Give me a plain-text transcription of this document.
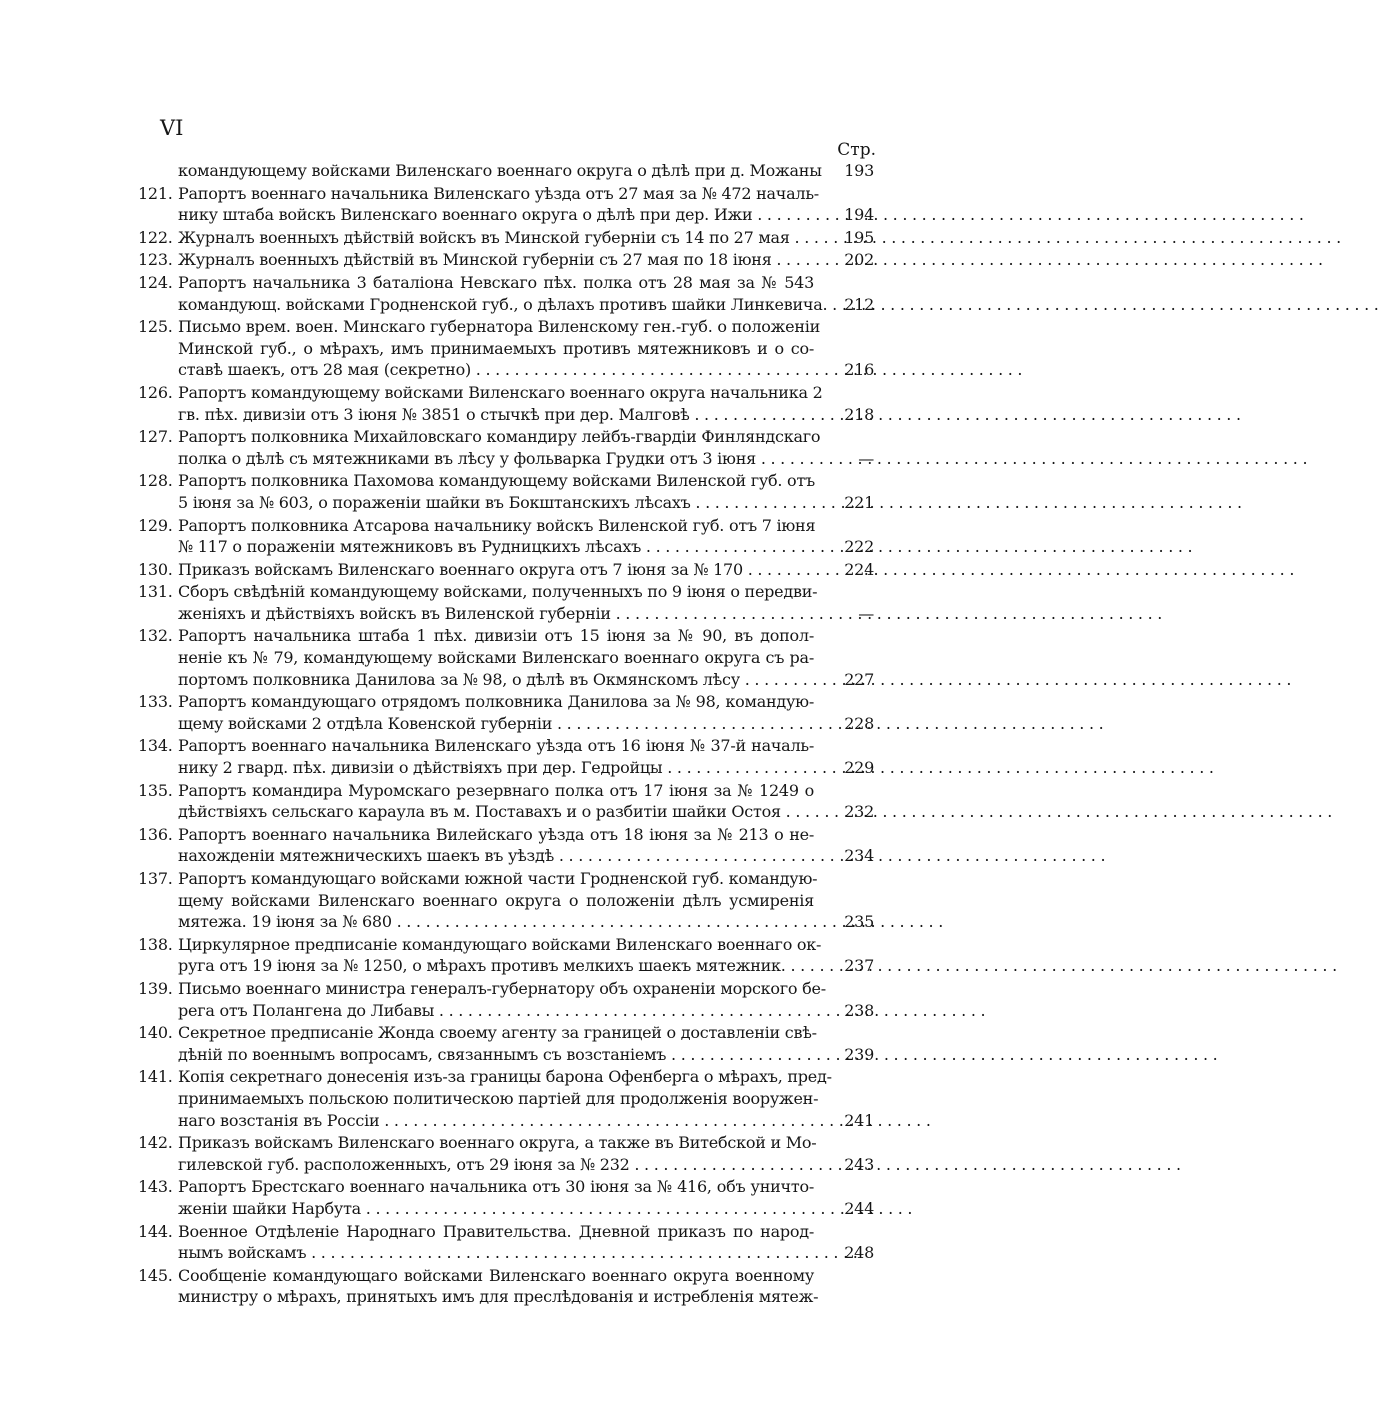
VI
Стр.
командующему войсками Виленскаго военнаго округа о дѣлѣ при д. Можаны	193
121. Рапортъ военнаго начальника Виленскаго уѣзда отъ 27 мая за № 472 началь-
нику штаба войскъ Виленскаго военнаго округа о дѣлѣ при дер. Ижи . . .	194
122. Журналъ военныхъ дѣйствій войскъ въ Минской губерніи съ 14 по 27 мая . . .	195
123. Журналъ военныхъ дѣйствій въ Минской губерніи съ 27 мая по 18 іюня . . .	202
124. Рапортъ начальника 3 баталіона Невскаго пѣх. полка отъ 28 мая за № 543
командующ. войсками Гродненской губ., о дѣлахъ противъ шайки Линкевича. . . .	212
125. Письмо врем. воен. Минскаго губернатора Виленскому ген.-губ. о положеніи
Минской губ., о мѣрахъ, имъ принимаемыхъ противъ мятежниковъ и о со-
ставѣ шаекъ, отъ 28 мая (секретно) . . .	216
126. Рапортъ командующему войсками Виленскаго военнаго округа начальника 2
гв. пѣх. дивизіи отъ 3 іюня № 3851 о стычкѣ при дер. Малговѣ . . .	218
127. Рапортъ полковника Михайловскаго командиру лейбъ-гвардіи Финляндскаго
полка о дѣлѣ съ мятежниками въ лѣсу у фольварка Грудки отъ 3 іюня . . .	—
128. Рапортъ полковника Пахомова командующему войсками Виленской губ. отъ
5 іюня за № 603, о пораженіи шайки въ Бокштанскихъ лѣсахъ . . .	221
129. Рапортъ полковника Атсарова начальнику войскъ Виленской губ. отъ 7 іюня
№ 117 о пораженіи мятежниковъ въ Рудницкихъ лѣсахъ . . .	222
130. Приказъ войскамъ Виленскаго военнаго округа отъ 7 іюня за № 170 . . .	224
131. Сборъ свѣдѣній командующему войсками, полученныхъ по 9 іюня о передви-
женіяхъ и дѣйствіяхъ войскъ въ Виленской губерніи . . .	—
132. Рапортъ начальника штаба 1 пѣх. дивизіи отъ 15 іюня за № 90, въ допол-
неніе къ № 79, командующему войсками Виленскаго военнаго округа съ ра-
портомъ полковника Данилова за № 98, о дѣлѣ въ Окмянскомъ лѣсу . . .	227
133. Рапортъ командующаго отрядомъ полковника Данилова за № 98, командую-
щему войсками 2 отдѣла Ковенской губерніи . . .	228
134. Рапортъ военнаго начальника Виленскаго уѣзда отъ 16 іюня № 37-й началь-
нику 2 гвард. пѣх. дивизіи о дѣйствіяхъ при дер. Гедройцы . . .	229
135. Рапортъ командира Муромскаго резервнаго полка отъ 17 іюня за № 1249 о
дѣйствіяхъ сельскаго караула въ м. Поставахъ и о разбитіи шайки Остоя . . .	232
136. Рапортъ военнаго начальника Вилейскаго уѣзда отъ 18 іюня за № 213 о не-
нахожденіи мятежническихъ шаекъ въ уѣздѣ . . .	234
137. Рапортъ командующаго войсками южной части Гродненской губ. командую-
щему войсками Виленскаго военнаго округа о положеніи дѣлъ усмиренія
мятежа. 19 іюня за № 680 . . .	235
138. Циркулярное предписаніе командующаго войсками Виленскаго военнаго ок-
руга отъ 19 іюня за № 1250, о мѣрахъ противъ мелкихъ шаекъ мятежник. . . .	237
139. Письмо военнаго министра генералъ-губернатору объ охраненіи морского бе-
рега отъ Полангена до Либавы . . .	238
140. Секретное предписаніе Жонда своему агенту за границей о доставленіи свѣ-
дѣній по военнымъ вопросамъ, связаннымъ съ возстаніемъ . . .	239
141. Копія секретнаго донесенія изъ-за границы барона Офенберга о мѣрахъ, пред-
принимаемыхъ польскою политическою партіей для продолженія вооружен-
наго возстанія въ Россіи . . .	241
142. Приказъ войскамъ Виленскаго военнаго округа, а также въ Витебской и Мо-
гилевской губ. расположенныхъ, отъ 29 іюня за № 232 . . .	243
143. Рапортъ Брестскаго военнаго начальника отъ 30 іюня за № 416, объ уничто-
женіи шайки Нарбута . . .	244
144. Военное Отдѣленіе Народнаго Правительства. Дневной приказъ по народ-
нымъ войскамъ . . .	248
145. Сообщеніе командующаго войсками Виленскаго военнаго округа военному
министру о мѣрахъ, принятыхъ имъ для преслѣдованія и истребленія мятеж-
